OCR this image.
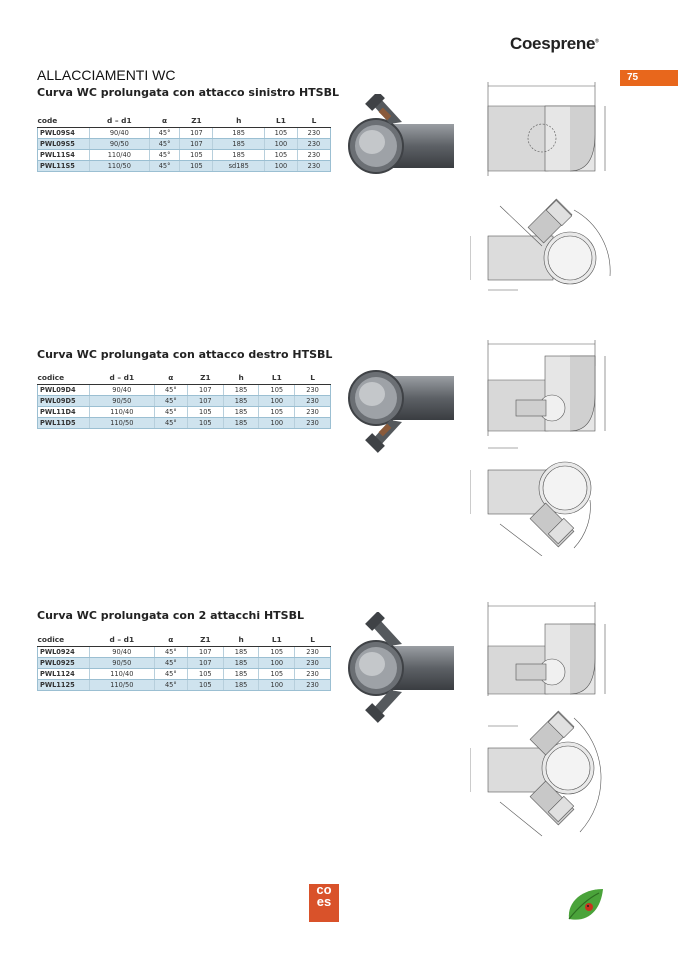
Coesprene®
75
ALLACCIAMENTI WC
Curva WC prolungata con attacco sinistro HTSBL
code	d – d1	α	Z1	h	L1	L
PWL09S4	90/40	45°	107	185	105	230
PWL09S5	90/50	45°	107	185	100	230
PWL11S4	110/40	45°	105	185	105	230
PWL11S5	110/50	45°	105	sd185	100	230
Curva WC prolungata con attacco destro HTSBL
codice	d – d1	α	Z1	h	L1	L
PWL09D4	90/40	45°	107	185	105	230
PWL09D5	90/50	45°	107	185	100	230
PWL11D4	110/40	45°	105	185	105	230
PWL11D5	110/50	45°	105	185	100	230
Curva WC prolungata con 2 attacchi HTSBL
codice	d – d1	α	Z1	h	L1	L
PWL0924	90/40	45°	107	185	105	230
PWL0925	90/50	45°	107	185	100	230
PWL1124	110/40	45°	105	185	105	230
PWL1125	110/50	45°	105	185	100	230
co
es
